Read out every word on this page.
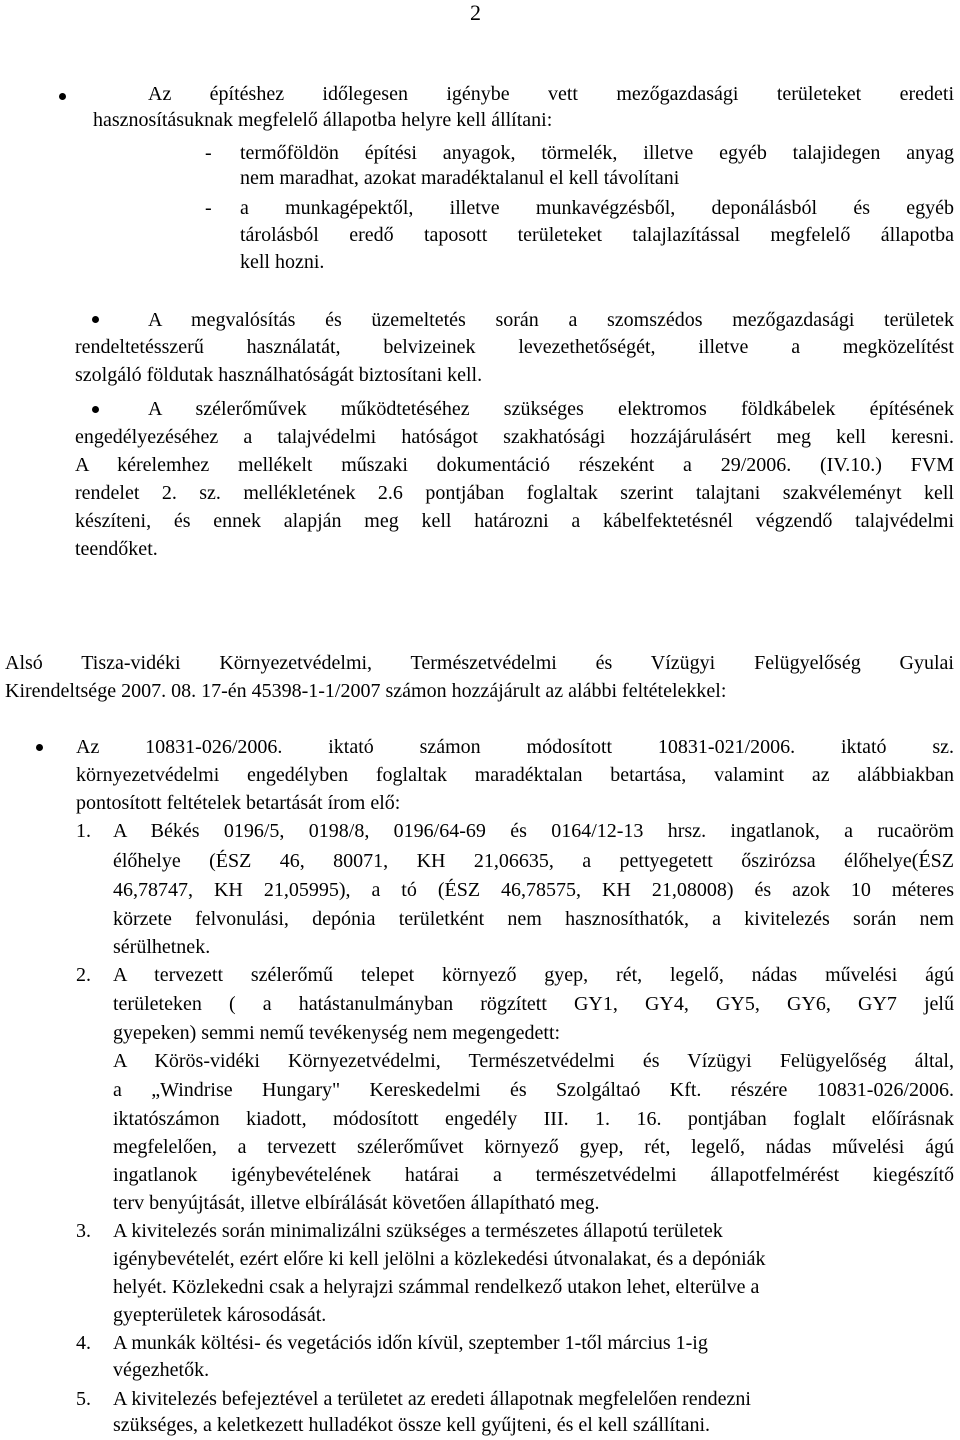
2
Az építéshez időlegesen igénybe vett mezőgazdasági területeket eredeti
hasznosításuknak megfelelő állapotba helyre kell állítani:
- termőföldön építési anyagok, törmelék, illetve egyéb talajidegen anyag
nem maradhat, azokat maradéktalanul el kell távolítani
- a munkagépektől, illetve munkavégzésből, deponálásból és egyéb
tárolásból eredő taposott területeket talajlazítással megfelelő állapotba
kell hozni.
A megvalósítás és üzemeltetés során a szomszédos mezőgazdasági területek
rendeltetésszerű használatát, belvizeinek levezethetőségét, illetve a megközelítést
szolgáló földutak használhatóságát biztosítani kell.
A szélerőművek működtetéséhez szükséges elektromos földkábelek építésének
engedélyezéséhez a talajvédelmi hatóságot szakhatósági hozzájárulásért meg kell keresni.
A kérelemhez mellékelt műszaki dokumentáció részeként a 29/2006. (IV.10.) FVM
rendelet 2. sz. mellékletének 2.6 pontjában foglaltak szerint talajtani szakvéleményt kell
készíteni, és ennek alapján meg kell határozni a kábelfektetésnél végzendő talajvédelmi
teendőket.
Alsó Tisza-vidéki Környezetvédelmi, Természetvédelmi és Vízügyi Felügyelőség Gyulai
Kirendeltsége 2007. 08. 17-én 45398-1-1/2007 számon hozzájárult az alábbi feltételekkel:
Az 10831-026/2006. iktató számon módosított 10831-021/2006. iktató sz.
környezetvédelmi engedélyben foglaltak maradéktalan betartása, valamint az alábbiakban
pontosított feltételek betartását írom elő:
1. A Békés 0196/5, 0198/8, 0196/64-69 és 0164/12-13 hrsz. ingatlanok, a rucaöröm
élőhelye (ÉSZ 46, 80071, KH 21,06635, a pettyegetett őszirózsa élőhelye(ÉSZ
46,78747, KH 21,05995), a tó (ÉSZ 46,78575, KH 21,08008) és azok 10 méteres
körzete felvonulási, depónia területként nem hasznosíthatók, a kivitelezés során nem
sérülhetnek.
2. A tervezett szélerőmű telepet környező gyep, rét, legelő, nádas művelési ágú
területeken ( a hatástanulmányban rögzített GY1, GY4, GY5, GY6, GY7 jelű
gyepeken) semmi nemű tevékenység nem megengedett:
A Körös-vidéki Környezetvédelmi, Természetvédelmi és Vízügyi Felügyelőség által,
a „Windrise Hungary" Kereskedelmi és Szolgáltaó Kft. részére 10831-026/2006.
iktatószámon kiadott, módosított engedély III. 1. 16. pontjában foglalt előírásnak
megfelelően, a tervezett szélerőművet környező gyep, rét, legelő, nádas művelési ágú
ingatlanok igénybevételének határai a természetvédelmi állapotfelmérést kiegészítő
terv benyújtását, illetve elbírálását követően állapítható meg.
3. A kivitelezés során minimalizálni szükséges a természetes állapotú területek
igénybevételét, ezért előre ki kell jelölni a közlekedési útvonalakat, és a depóniák
helyét. Közlekedni csak a helyrajzi számmal rendelkező utakon lehet, elterülve a
gyepterületek károsodását.
4. A munkák költési- és vegetációs időn kívül, szeptember 1-től március 1-ig
végezhetők.
5. A kivitelezés befejeztével a területet az eredeti állapotnak megfelelően rendezni
szükséges, a keletkezett hulladékot össze kell gyűjteni, és el kell szállítani.
